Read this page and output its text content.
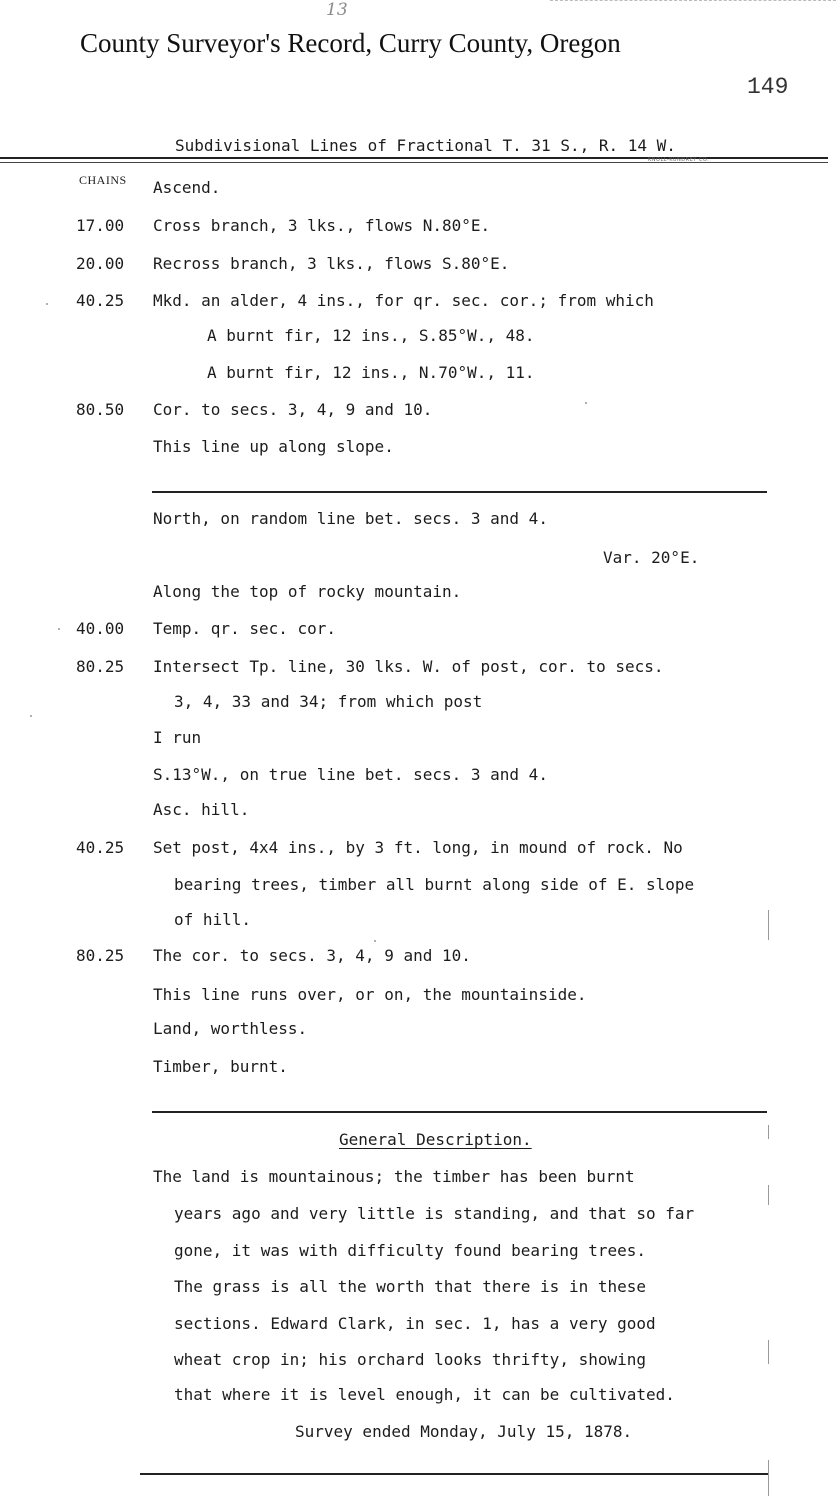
13
County Surveyor's Record, Curry County, Oregon
149
Subdivisional Lines of Fractional T. 31 S., R. 14 W.
KNOLL-KUNDREY CO.
CHAINS Ascend.
17.00 Cross branch, 3 lks., flows N.80°E.
20.00 Recross branch, 3 lks., flows S.80°E.
40.25 Mkd. an alder, 4 ins., for qr. sec. cor.; from which
A burnt fir, 12 ins., S.85°W., 48.
A burnt fir, 12 ins., N.70°W., 11.
80.50 Cor. to secs. 3, 4, 9 and 10.
This line up along slope.
North, on random line bet. secs. 3 and 4.
Var. 20°E.
Along the top of rocky mountain.
40.00 Temp. qr. sec. cor.
80.25 Intersect Tp. line, 30 lks. W. of post, cor. to secs.
3, 4, 33 and 34; from which post
I run
S.13°W., on true line bet. secs. 3 and 4.
Asc. hill.
40.25 Set post, 4x4 ins., by 3 ft. long, in mound of rock. No
bearing trees, timber all burnt along side of E. slope
of hill.
80.25 The cor. to secs. 3, 4, 9 and 10.
This line runs over, or on, the mountainside.
Land, worthless.
Timber, burnt.
General Description.
The land is mountainous; the timber has been burnt
years ago and very little is standing, and that so far
gone, it was with difficulty found bearing trees.
The grass is all the worth that there is in these
sections. Edward Clark, in sec. 1, has a very good
wheat crop in; his orchard looks thrifty, showing
that where it is level enough, it can be cultivated.
Survey ended Monday, July 15, 1878.
